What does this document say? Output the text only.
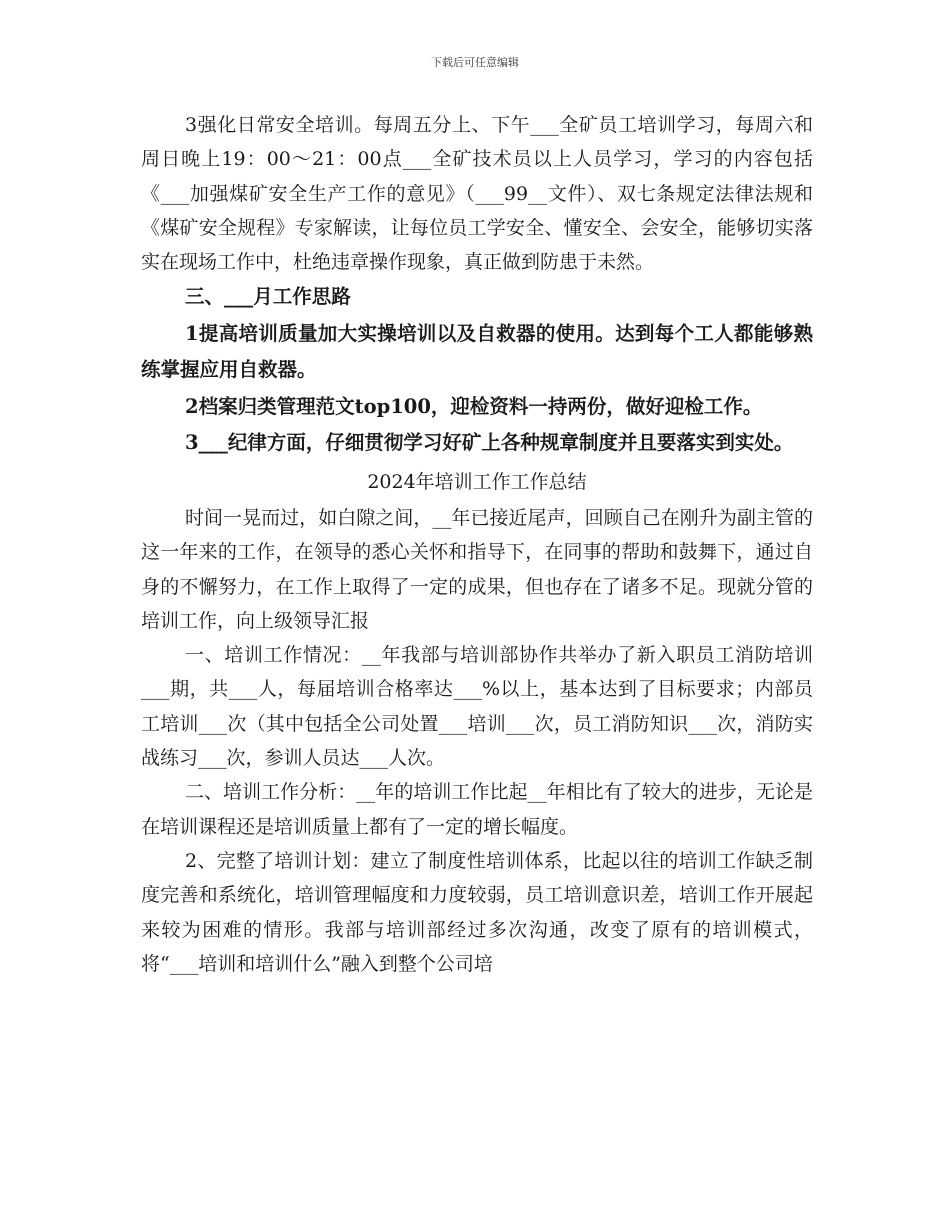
下载后可任意编辑

3强化日常安全培训。每周五分上、下午___全矿员工培训学习，每周六和周日晚上19：00～21：00点___全矿技术员以上人员学习，学习的内容包括《___加强煤矿安全生产工作的意见》（___99__文件）、双七条规定法律法规和《煤矿安全规程》专家解读，让每位员工学安全、懂安全、会安全，能够切实落实在现场工作中，杜绝违章操作现象，真正做到防患于未然。

三、___月工作思路

1提高培训质量加大实操培训以及自救器的使用。达到每个工人都能够熟练掌握应用自救器。

2档案归类管理范文top100，迎检资料一持两份，做好迎检工作。

3___纪律方面，仔细贯彻学习好矿上各种规章制度并且要落实到实处。

2024年培训工作工作总结

时间一晃而过，如白隙之间，__年已接近尾声，回顾自己在刚升为副主管的这一年来的工作，在领导的悉心关怀和指导下，在同事的帮助和鼓舞下，通过自身的不懈努力，在工作上取得了一定的成果，但也存在了诸多不足。现就分管的培训工作，向上级领导汇报

一、培训工作情况：__年我部与培训部协作共举办了新入职员工消防培训___期，共___人，每届培训合格率达___%以上，基本达到了目标要求；内部员工培训___次（其中包括全公司处置___培训___次，员工消防知识___次，消防实战练习___次，参训人员达___人次。

二、培训工作分析：__年的培训工作比起__年相比有了较大的进步，无论是在培训课程还是培训质量上都有了一定的增长幅度。

2、完整了培训计划：建立了制度性培训体系，比起以往的培训工作缺乏制度完善和系统化，培训管理幅度和力度较弱，员工培训意识差，培训工作开展起来较为困难的情形。我部与培训部经过多次沟通，改变了原有的培训模式，将“___培训和培训什么”融入到整个公司培
